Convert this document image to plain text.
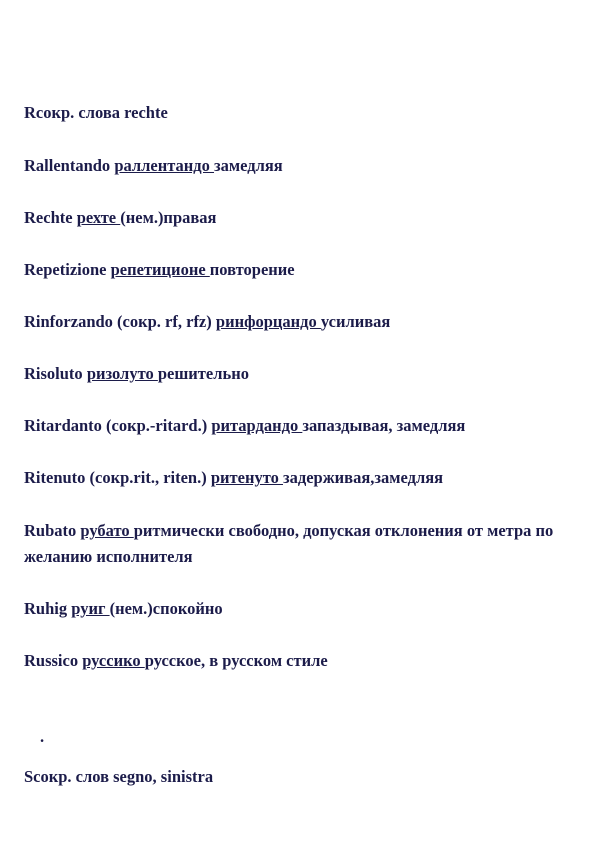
Rсокр. слова rechte

Rallentando раллентандо замедляя

Rechte рехте (нем.)правая

Repetizione репетиционе повторение

Rinforzando (сокр. rf, rfz) ринфорцандо усиливая

Risoluto ризолуто решительно

Ritardanto (сокр.-ritard.) ритардандо запаздывая, замедляя

Ritenuto (сокр.rit., riten.) ритенуто задерживая,замедляя

Rubato рубато ритмически свободно, допуская отклонения от метра по желанию исполнителя

Ruhig руиг (нем.)спокойно

Russico руссико русское, в русском стиле

.

Sсокр. слов segno, sinistra
